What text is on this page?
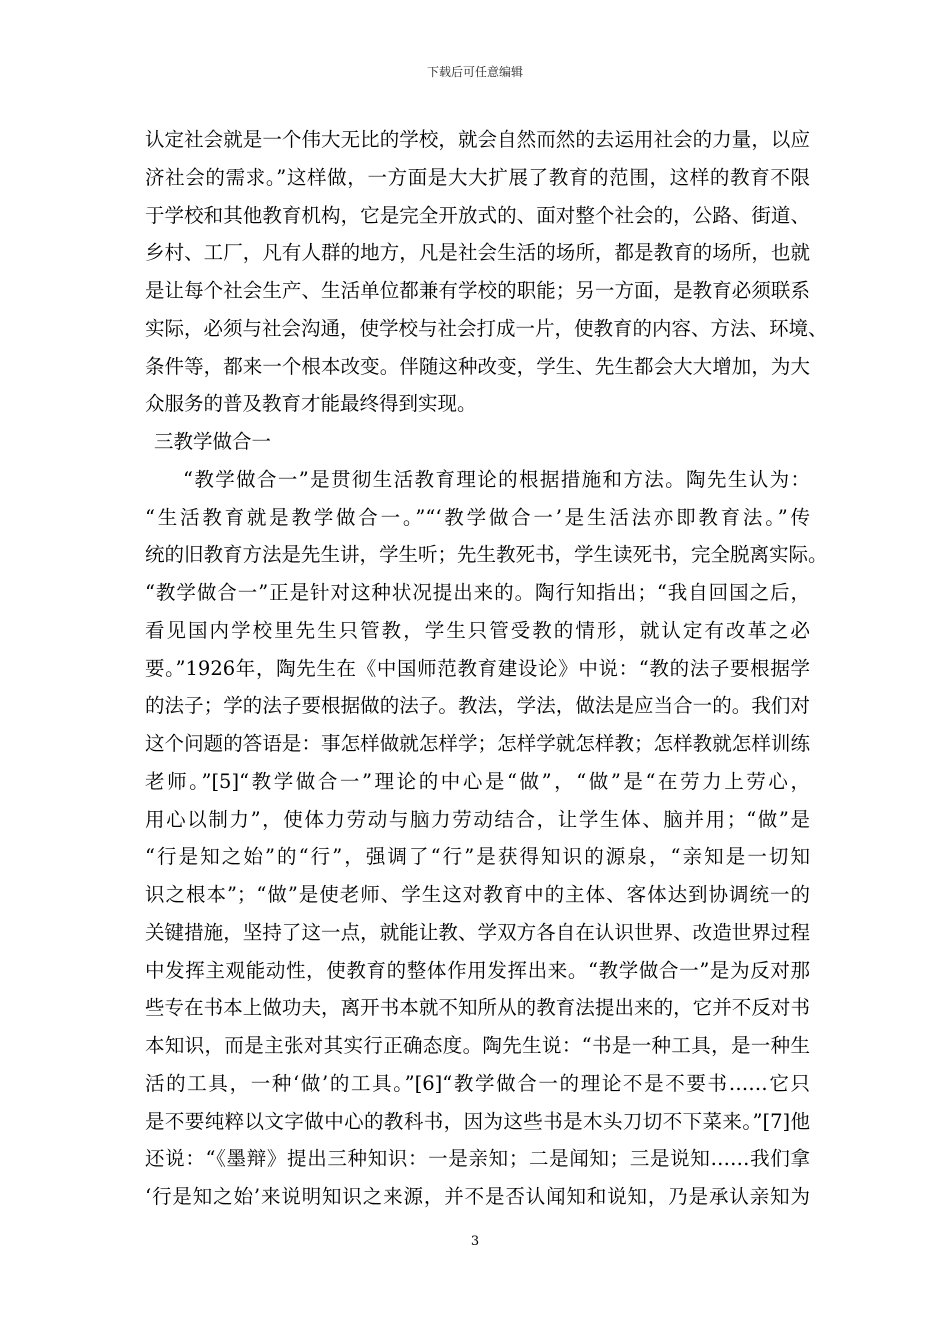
下载后可任意编辑
认定社会就是一个伟大无比的学校，就会自然而然的去运用社会的力量，以应
济社会的需求。”这样做，一方面是大大扩展了教育的范围，这样的教育不限
于学校和其他教育机构，它是完全开放式的、面对整个社会的，公路、街道、
乡村、工厂，凡有人群的地方，凡是社会生活的场所，都是教育的场所，也就
是让每个社会生产、生活单位都兼有学校的职能；另一方面，是教育必须联系
实际，必须与社会沟通，使学校与社会打成一片，使教育的内容、方法、环境、
条件等，都来一个根本改变。伴随这种改变，学生、先生都会大大增加，为大
众服务的普及教育才能最终得到实现。
三教学做合一
“教学做合一”是贯彻生活教育理论的根据措施和方法。陶先生认为：
“生活教育就是教学做合一。”“‘教学做合一’是生活法亦即教育法。”传
统的旧教育方法是先生讲，学生听；先生教死书，学生读死书，完全脱离实际。
“教学做合一”正是针对这种状况提出来的。陶行知指出；“我自回国之后，
看见国内学校里先生只管教，学生只管受教的情形，就认定有改革之必
要。”1926年，陶先生在《中国师范教育建设论》中说：“教的法子要根据学
的法子；学的法子要根据做的法子。教法，学法，做法是应当合一的。我们对
这个问题的答语是：事怎样做就怎样学；怎样学就怎样教；怎样教就怎样训练
老师。”[5]“教学做合一”理论的中心是“做”，“做”是“在劳力上劳心，
用心以制力”，使体力劳动与脑力劳动结合，让学生体、脑并用；“做”是
“行是知之始”的“行”，强调了“行”是获得知识的源泉，“亲知是一切知
识之根本”；“做”是使老师、学生这对教育中的主体、客体达到协调统一的
关键措施，坚持了这一点，就能让教、学双方各自在认识世界、改造世界过程
中发挥主观能动性，使教育的整体作用发挥出来。“教学做合一”是为反对那
些专在书本上做功夫，离开书本就不知所从的教育法提出来的，它并不反对书
本知识，而是主张对其实行正确态度。陶先生说：“书是一种工具，是一种生
活的工具，一种‘做’的工具。”[6]“教学做合一的理论不是不要书……它只
是不要纯粹以文字做中心的教科书，因为这些书是木头刀切不下菜来。”[7]他
还说：“《墨辩》提出三种知识：一是亲知；二是闻知；三是说知……我们拿
‘行是知之始’来说明知识之来源，并不是否认闻知和说知，乃是承认亲知为
3
